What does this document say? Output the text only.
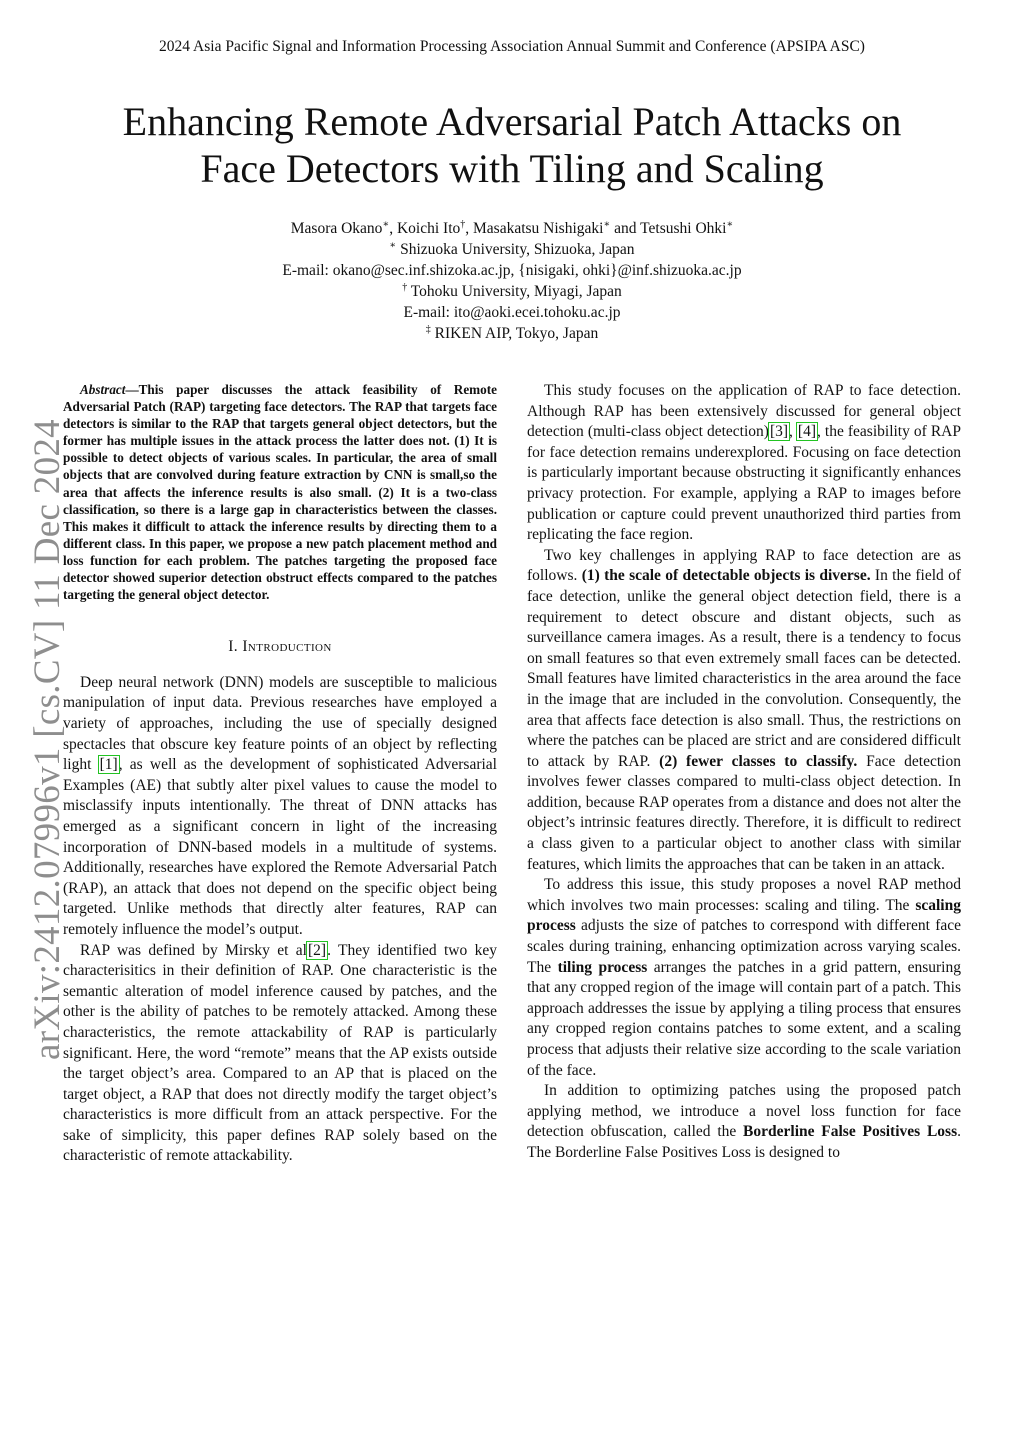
2024 Asia Pacific Signal and Information Processing Association Annual Summit and Conference (APSIPA ASC)
Enhancing Remote Adversarial Patch Attacks on
Face Detectors with Tiling and Scaling
Masora Okano∗, Koichi Ito†, Masakatsu Nishigaki∗ and Tetsushi Ohki∗
∗ Shizuoka University, Shizuoka, Japan
E-mail: okano@sec.inf.shizoka.ac.jp, {nisigaki, ohki}@inf.shizuoka.ac.jp
† Tohoku University, Miyagi, Japan
E-mail: ito@aoki.ecei.tohoku.ac.jp
‡ RIKEN AIP, Tokyo, Japan
arXiv:2412.07996v1 [cs.CV] 11 Dec 2024

Abstract—This paper discusses the attack feasibility of Remote Adversarial Patch (RAP) targeting face detectors. The RAP that targets face detectors is similar to the RAP that targets general object detectors, but the former has multiple issues in the attack process the latter does not. (1) It is possible to detect objects of various scales. In particular, the area of small objects that are convolved during feature extraction by CNN is small,so the area that affects the inference results is also small. (2) It is a two-class classification, so there is a large gap in characteristics between the classes. This makes it difficult to attack the inference results by directing them to a different class. In this paper, we propose a new patch placement method and loss function for each problem. The patches targeting the proposed face detector showed superior detection obstruct effects compared to the patches targeting the general object detector.

I. Introduction

Deep neural network (DNN) models are susceptible to malicious manipulation of input data. Previous researches have employed a variety of approaches, including the use of specially designed spectacles that obscure key feature points of an object by reflecting light [1], as well as the development of sophisticated Adversarial Examples (AE) that subtly alter pixel values to cause the model to misclassify inputs intentionally. The threat of DNN attacks has emerged as a significant concern in light of the increasing incorporation of DNN-based models in a multitude of systems. Additionally, researches have explored the Remote Adversarial Patch (RAP), an attack that does not depend on the specific object being targeted. Unlike methods that directly alter features, RAP can remotely influence the model’s output.

RAP was defined by Mirsky et al[2]. They identified two key characterisitics in their definition of RAP. One characteristic is the semantic alteration of model inference caused by patches, and the other is the ability of patches to be remotely attacked. Among these characteristics, the remote attackability of RAP is particularly significant. Here, the word “remote” means that the AP exists outside the target object’s area. Compared to an AP that is placed on the target object, a RAP that does not directly modify the target object’s characteristics is more difficult from an attack perspective. For the sake of simplicity, this paper defines RAP solely based on the characteristic of remote attackability.

This study focuses on the application of RAP to face detection. Although RAP has been extensively discussed for general object detection (multi-class object detection)[3], [4], the feasibility of RAP for face detection remains underexplored. Focusing on face detection is particularly important because obstructing it significantly enhances privacy protection. For example, applying a RAP to images before publication or capture could prevent unauthorized third parties from replicating the face region.

Two key challenges in applying RAP to face detection are as follows. (1) the scale of detectable objects is diverse. In the field of face detection, unlike the general object detection field, there is a requirement to detect obscure and distant objects, such as surveillance camera images. As a result, there is a tendency to focus on small features so that even extremely small faces can be detected. Small features have limited characteristics in the area around the face in the image that are included in the convolution. Consequently, the area that affects face detection is also small. Thus, the restrictions on where the patches can be placed are strict and are considered difficult to attack by RAP. (2) fewer classes to classify. Face detection involves fewer classes compared to multi-class object detection. In addition, because RAP operates from a distance and does not alter the object’s intrinsic features directly. Therefore, it is difficult to redirect a class given to a particular object to another class with similar features, which limits the approaches that can be taken in an attack.

To address this issue, this study proposes a novel RAP method which involves two main processes: scaling and tiling. The scaling process adjusts the size of patches to correspond with different face scales during training, enhancing optimization across varying scales. The tiling process arranges the patches in a grid pattern, ensuring that any cropped region of the image will contain part of a patch. This approach addresses the issue by applying a tiling process that ensures any cropped region contains patches to some extent, and a scaling process that adjusts their relative size according to the scale variation of the face.

In addition to optimizing patches using the proposed patch applying method, we introduce a novel loss function for face detection obfuscation, called the Borderline False Positives Loss. The Borderline False Positives Loss is designed to
